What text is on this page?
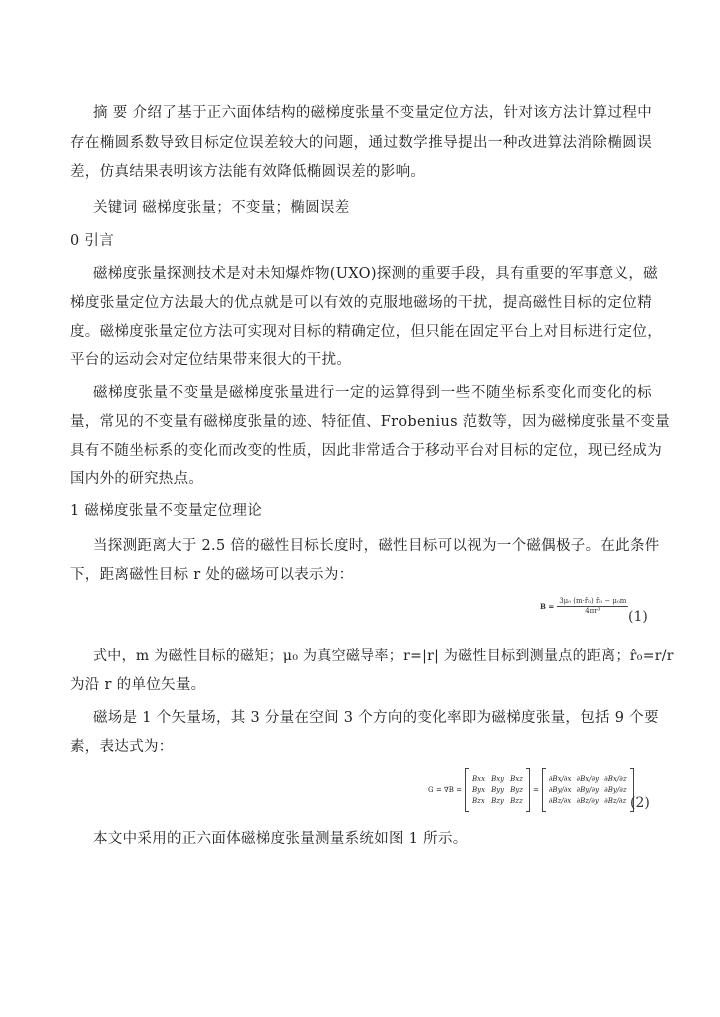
摘 要 介绍了基于正六面体结构的磁梯度张量不变量定位方法，针对该方法计算过程中
存在椭圆系数导致目标定位误差较大的问题，通过数学推导提出一种改进算法消除椭圆误
差，仿真结果表明该方法能有效降低椭圆误差的影响。
关键词 磁梯度张量；不变量；椭圆误差
0 引言
磁梯度张量探测技术是对未知爆炸物(UXO)探测的重要手段，具有重要的军事意义，磁
梯度张量定位方法最大的优点就是可以有效的克服地磁场的干扰，提高磁性目标的定位精
度。磁梯度张量定位方法可实现对目标的精确定位，但只能在固定平台上对目标进行定位，
平台的运动会对定位结果带来很大的干扰。
磁梯度张量不变量是磁梯度张量进行一定的运算得到一些不随坐标系变化而变化的标
量，常见的不变量有磁梯度张量的迹、特征值、Frobenius 范数等，因为磁梯度张量不变量
具有不随坐标系的变化而改变的性质，因此非常适合于移动平台对目标的定位，现已经成为
国内外的研究热点。
1 磁梯度张量不变量定位理论
当探测距离大于 2.5 倍的磁性目标长度时，磁性目标可以视为一个磁偶极子。在此条件
下，距离磁性目标 r 处的磁场可以表示为：
$B = \frac{\text{3μ₀ (m·r̂₀) r̂₀ − μ₀m}}{\text{4πr³}}$
(1)
式中，m 为磁性目标的磁矩；μ₀ 为真空磁导率；r=|r| 为磁性目标到测量点的距离；r̂₀=r/r
为沿 r 的单位矢量。
磁场是 1 个矢量场，其 3 分量在空间 3 个方向的变化率即为磁梯度张量，包括 9 个要
素，表达式为：
G = ∇B =
Bxx Bxy Bxz
Byx Byy Byz
Bzx Bzy Bzz
=
∂Bx/∂x ∂Bx/∂y ∂Bx/∂z
∂By/∂x ∂By/∂y ∂By/∂z
∂Bz/∂x ∂Bz/∂y ∂Bz/∂z (2)
本文中采用的正六面体磁梯度张量测量系统如图 1 所示。
